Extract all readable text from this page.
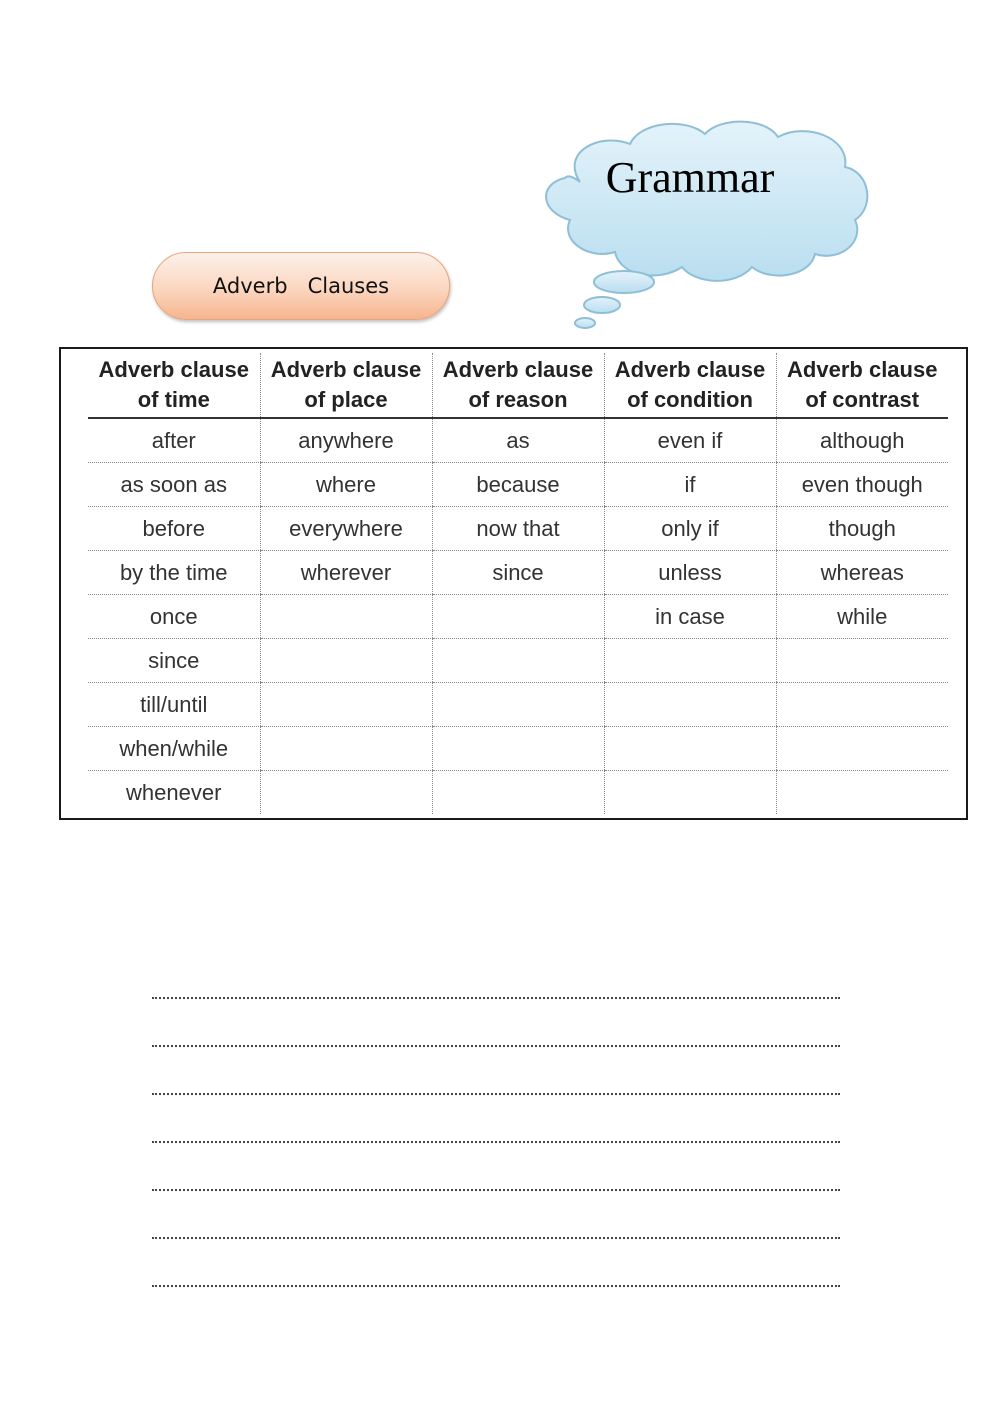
Grammar
Adverb   Clauses
Adverb clause
of time	Adverb clause
of place	Adverb clause
of reason	Adverb clause
of condition	Adverb clause
of contrast

after	anywhere	as	even if	although
as soon as	where	because	if	even though
before	everywhere	now that	only if	though
by the time	wherever	since	unless	whereas
once			in case	while
since				
till/until				
when/while				
whenever				
